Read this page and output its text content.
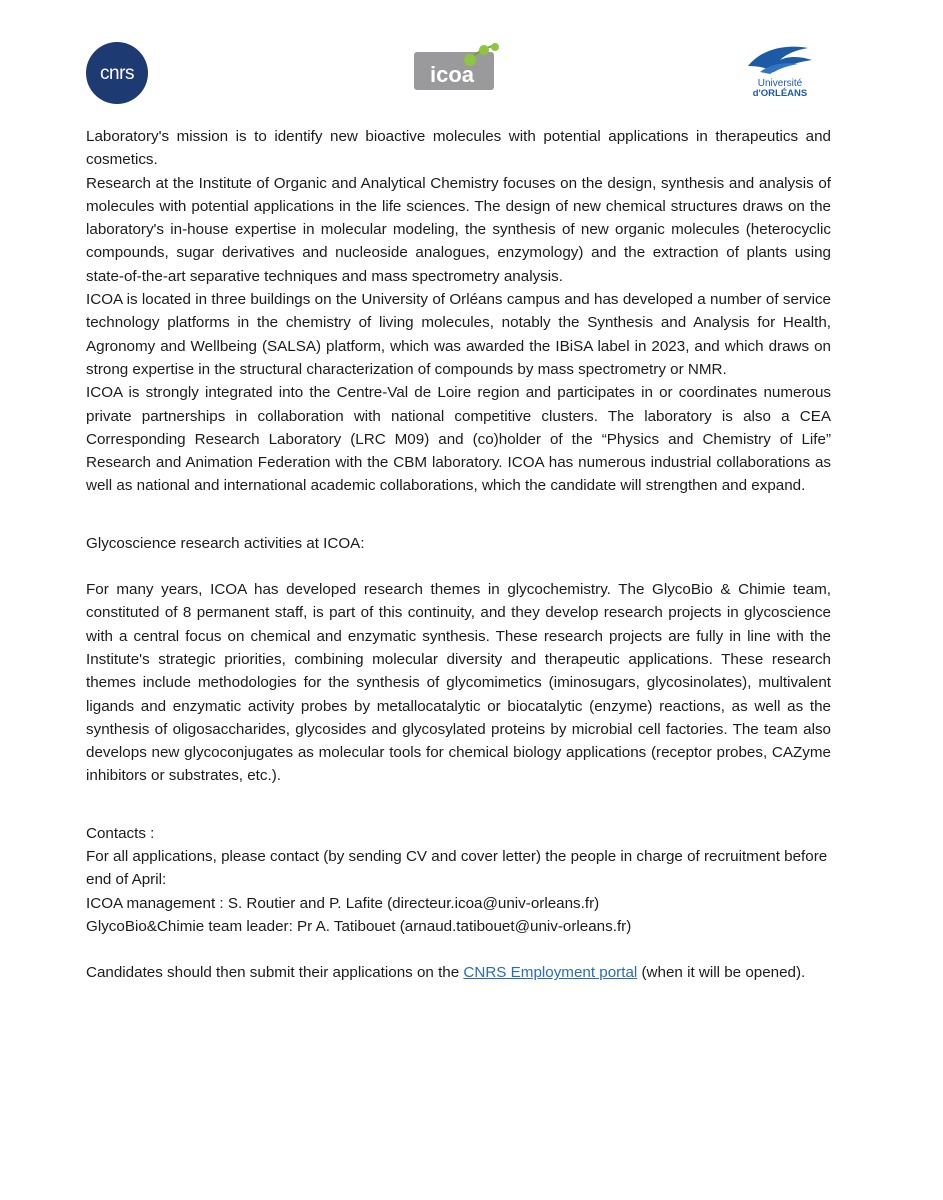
cnrs	icoa	Université
d'ORLÉANS

Laboratory's mission is to identify new bioactive molecules with potential applications in therapeutics and cosmetics.

Research at the Institute of Organic and Analytical Chemistry focuses on the design, synthesis and analysis of molecules with potential applications in the life sciences. The design of new chemical structures draws on the laboratory's in-house expertise in molecular modeling, the synthesis of new organic molecules (heterocyclic compounds, sugar derivatives and nucleoside analogues, enzymology) and the extraction of plants using state-of-the-art separative techniques and mass spectrometry analysis.

ICOA is located in three buildings on the University of Orléans campus and has developed a number of service technology platforms in the chemistry of living molecules, notably the Synthesis and Analysis for Health, Agronomy and Wellbeing (SALSA) platform, which was awarded the IBiSA label in 2023, and which draws on strong expertise in the structural characterization of compounds by mass spectrometry or NMR.

ICOA is strongly integrated into the Centre-Val de Loire region and participates in or coordinates numerous private partnerships in collaboration with national competitive clusters. The laboratory is also a CEA Corresponding Research Laboratory (LRC M09) and (co)holder of the “Physics and Chemistry of Life” Research and Animation Federation with the CBM laboratory. ICOA has numerous industrial collaborations as well as national and international academic collaborations, which the candidate will strengthen and expand.

Glycoscience research activities at ICOA:

For many years, ICOA has developed research themes in glycochemistry. The GlycoBio & Chimie team, constituted of 8 permanent staff, is part of this continuity, and they develop research projects in glycoscience with a central focus on chemical and enzymatic synthesis. These research projects are fully in line with the Institute's strategic priorities, combining molecular diversity and therapeutic applications. These research themes include methodologies for the synthesis of glycomimetics (iminosugars, glycosinolates), multivalent ligands and enzymatic activity probes by metallocatalytic or biocatalytic (enzyme) reactions, as well as the synthesis of oligosaccharides, glycosides and glycosylated proteins by microbial cell factories. The team also develops new glycoconjugates as molecular tools for chemical biology applications (receptor probes, CAZyme inhibitors or substrates, etc.).

Contacts :

For all applications, please contact (by sending CV and cover letter) the people in charge of recruitment before end of April:

ICOA management : S. Routier and P. Lafite (directeur.icoa@univ-orleans.fr)

GlycoBio&Chimie team leader: Pr A. Tatibouet (arnaud.tatibouet@univ-orleans.fr)

Candidates should then submit their applications on the CNRS Employment portal (when it will be opened).
